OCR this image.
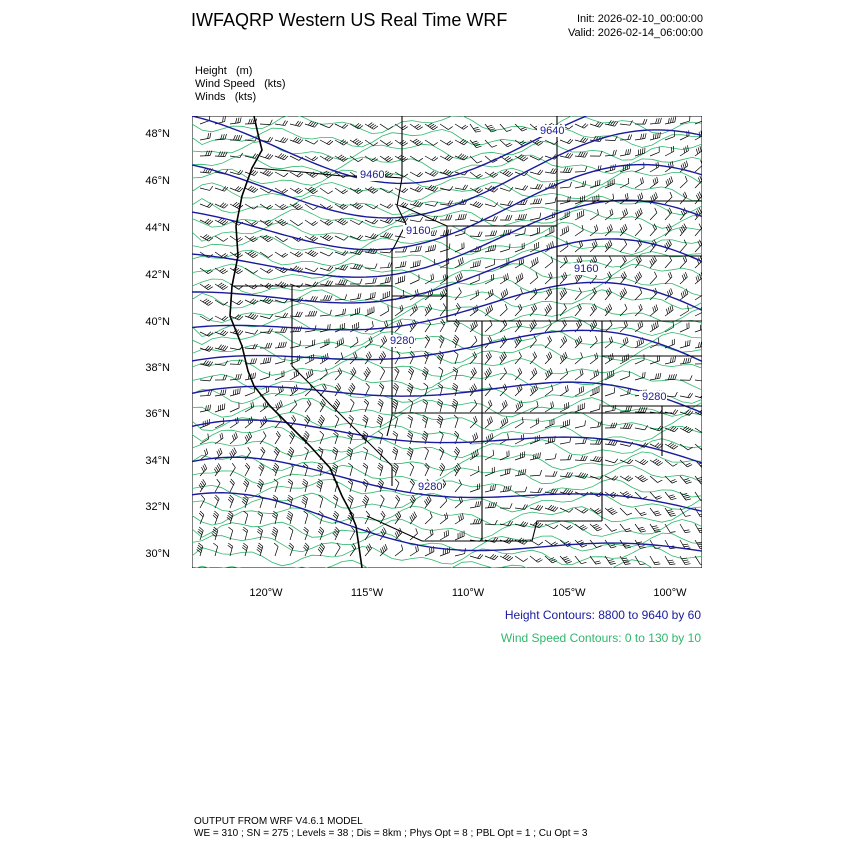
IWFAQRP Western US Real Time WRF	Init: 2026-02-10_00:00:00
Valid: 2026-02-14_06:00:00
Height   (m)
Wind Speed   (kts)
Winds   (kts)
9640
9460
9160
9160
9280
9280
9280
48°N
46°N
44°N
42°N
40°N
38°N
36°N
34°N
32°N
30°N
120°W	115°W	110°W	105°W	100°W
Height Contours: 8800 to 9640 by 60
Wind Speed Contours: 0 to 130 by 10
OUTPUT FROM WRF V4.6.1 MODEL
WE = 310 ; SN = 275 ; Levels = 38 ; Dis = 8km ; Phys Opt = 8 ; PBL Opt = 1 ; Cu Opt = 3
